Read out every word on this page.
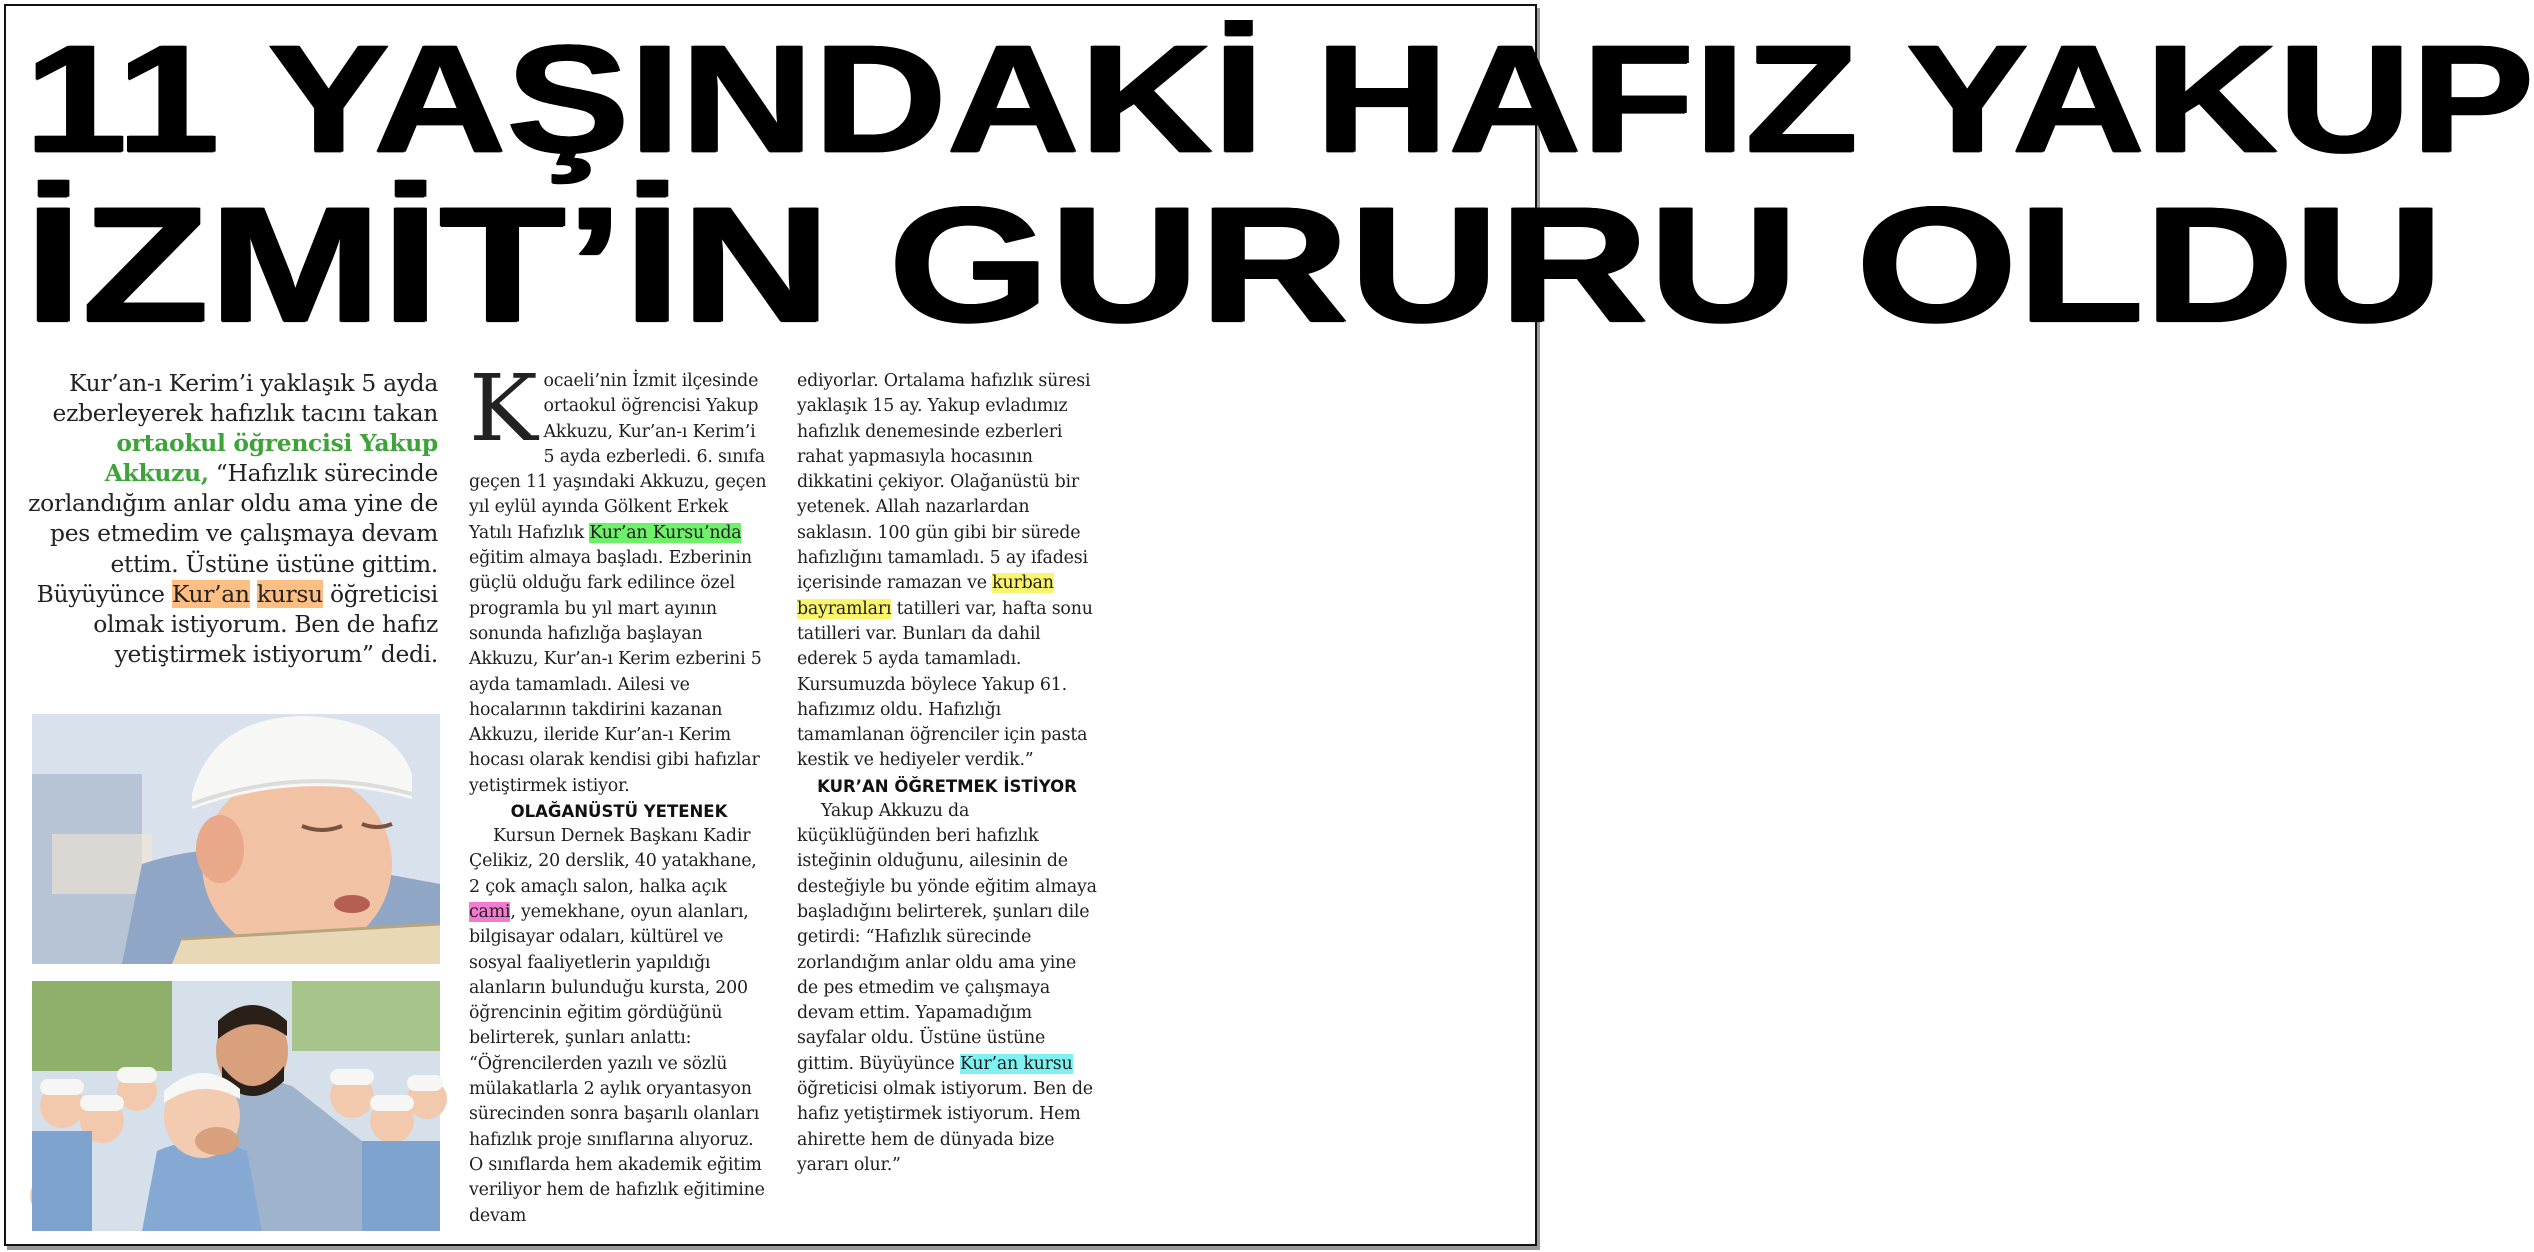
11 YAŞINDAKİ HAFIZ YAKUP
İZMİT’İN GURURU OLDU
Kur’an-ı Kerim’i yaklaşık 5 ayda ezberleyerek hafızlık tacını takan ortaokul öğrencisi Yakup Akkuzu, “Hafızlık sürecinde zorlandığım anlar oldu ama yine de pes etmedim ve çalışmaya devam ettim. Üstüne üstüne gittim. Büyüyünce Kur’an kursu öğreticisi olmak istiyorum. Ben de hafız yetiştirmek istiyorum” dedi.

Kocaeli’nin İzmit ilçesinde ortaokul öğrencisi Yakup Akkuzu, Kur’an-ı Kerim’i 5 ayda ezberledi. 6. sınıfa geçen 11 yaşındaki Akkuzu, geçen yıl eylül ayında Gölkent Erkek Yatılı Hafızlık Kur’an Kursu’nda eğitim almaya başladı. Ezberinin güçlü olduğu fark edilince özel programla bu yıl mart ayının sonunda hafızlığa başlayan Akkuzu, Kur’an-ı Kerim ezberini 5 ayda tamamladı. Ailesi ve hocalarının takdirini kazanan Akkuzu, ileride Kur’an-ı Kerim hocası olarak kendisi gibi hafızlar yetiştirmek istiyor.

OLAĞANÜSTÜ YETENEK

Kursun Dernek Başkanı Kadir Çelikiz, 20 derslik, 40 yatakhane, 2 çok amaçlı salon, halka açık cami, yemekhane, oyun alanları, bilgisayar odaları, kültürel ve sosyal faaliyetlerin yapıldığı alanların bulunduğu kursta, 200 öğrencinin eğitim gördüğünü belirterek, şunları anlattı: “Öğrencilerden yazılı ve sözlü mülakatlarla 2 aylık oryantasyon sürecinden sonra başarılı olanları hafızlık proje sınıflarına alıyoruz. O sınıflarda hem akademik eğitim veriliyor hem de hafızlık eğitimine devam

ediyorlar. Ortalama hafızlık süresi yaklaşık 15 ay. Yakup evladımız hafızlık denemesinde ezberleri rahat yapmasıyla hocasının dikkatini çekiyor. Olağanüstü bir yetenek. Allah nazarlardan saklasın. 100 gün gibi bir sürede hafızlığını tamamladı. 5 ay ifadesi içerisinde ramazan ve kurban bayramları tatilleri var, hafta sonu tatilleri var. Bunları da dahil ederek 5 ayda tamamladı. Kursumuzda böylece Yakup 61. hafızımız oldu. Hafızlığı tamamlanan öğrenciler için pasta kestik ve hediyeler verdik.”

KUR’AN ÖĞRETMEK İSTİYOR

Yakup Akkuzu da küçüklüğünden beri hafızlık isteğinin olduğunu, ailesinin de desteğiyle bu yönde eğitim almaya başladığını belirterek, şunları dile getirdi: “Hafızlık sürecinde zorlandığım anlar oldu ama yine de pes etmedim ve çalışmaya devam ettim. Yapamadığım sayfalar oldu. Üstüne üstüne gittim. Büyüyünce Kur’an kursu öğreticisi olmak istiyorum. Ben de hafız yetiştirmek istiyorum. Hem ahirette hem de dünyada bize yararı olur.”
